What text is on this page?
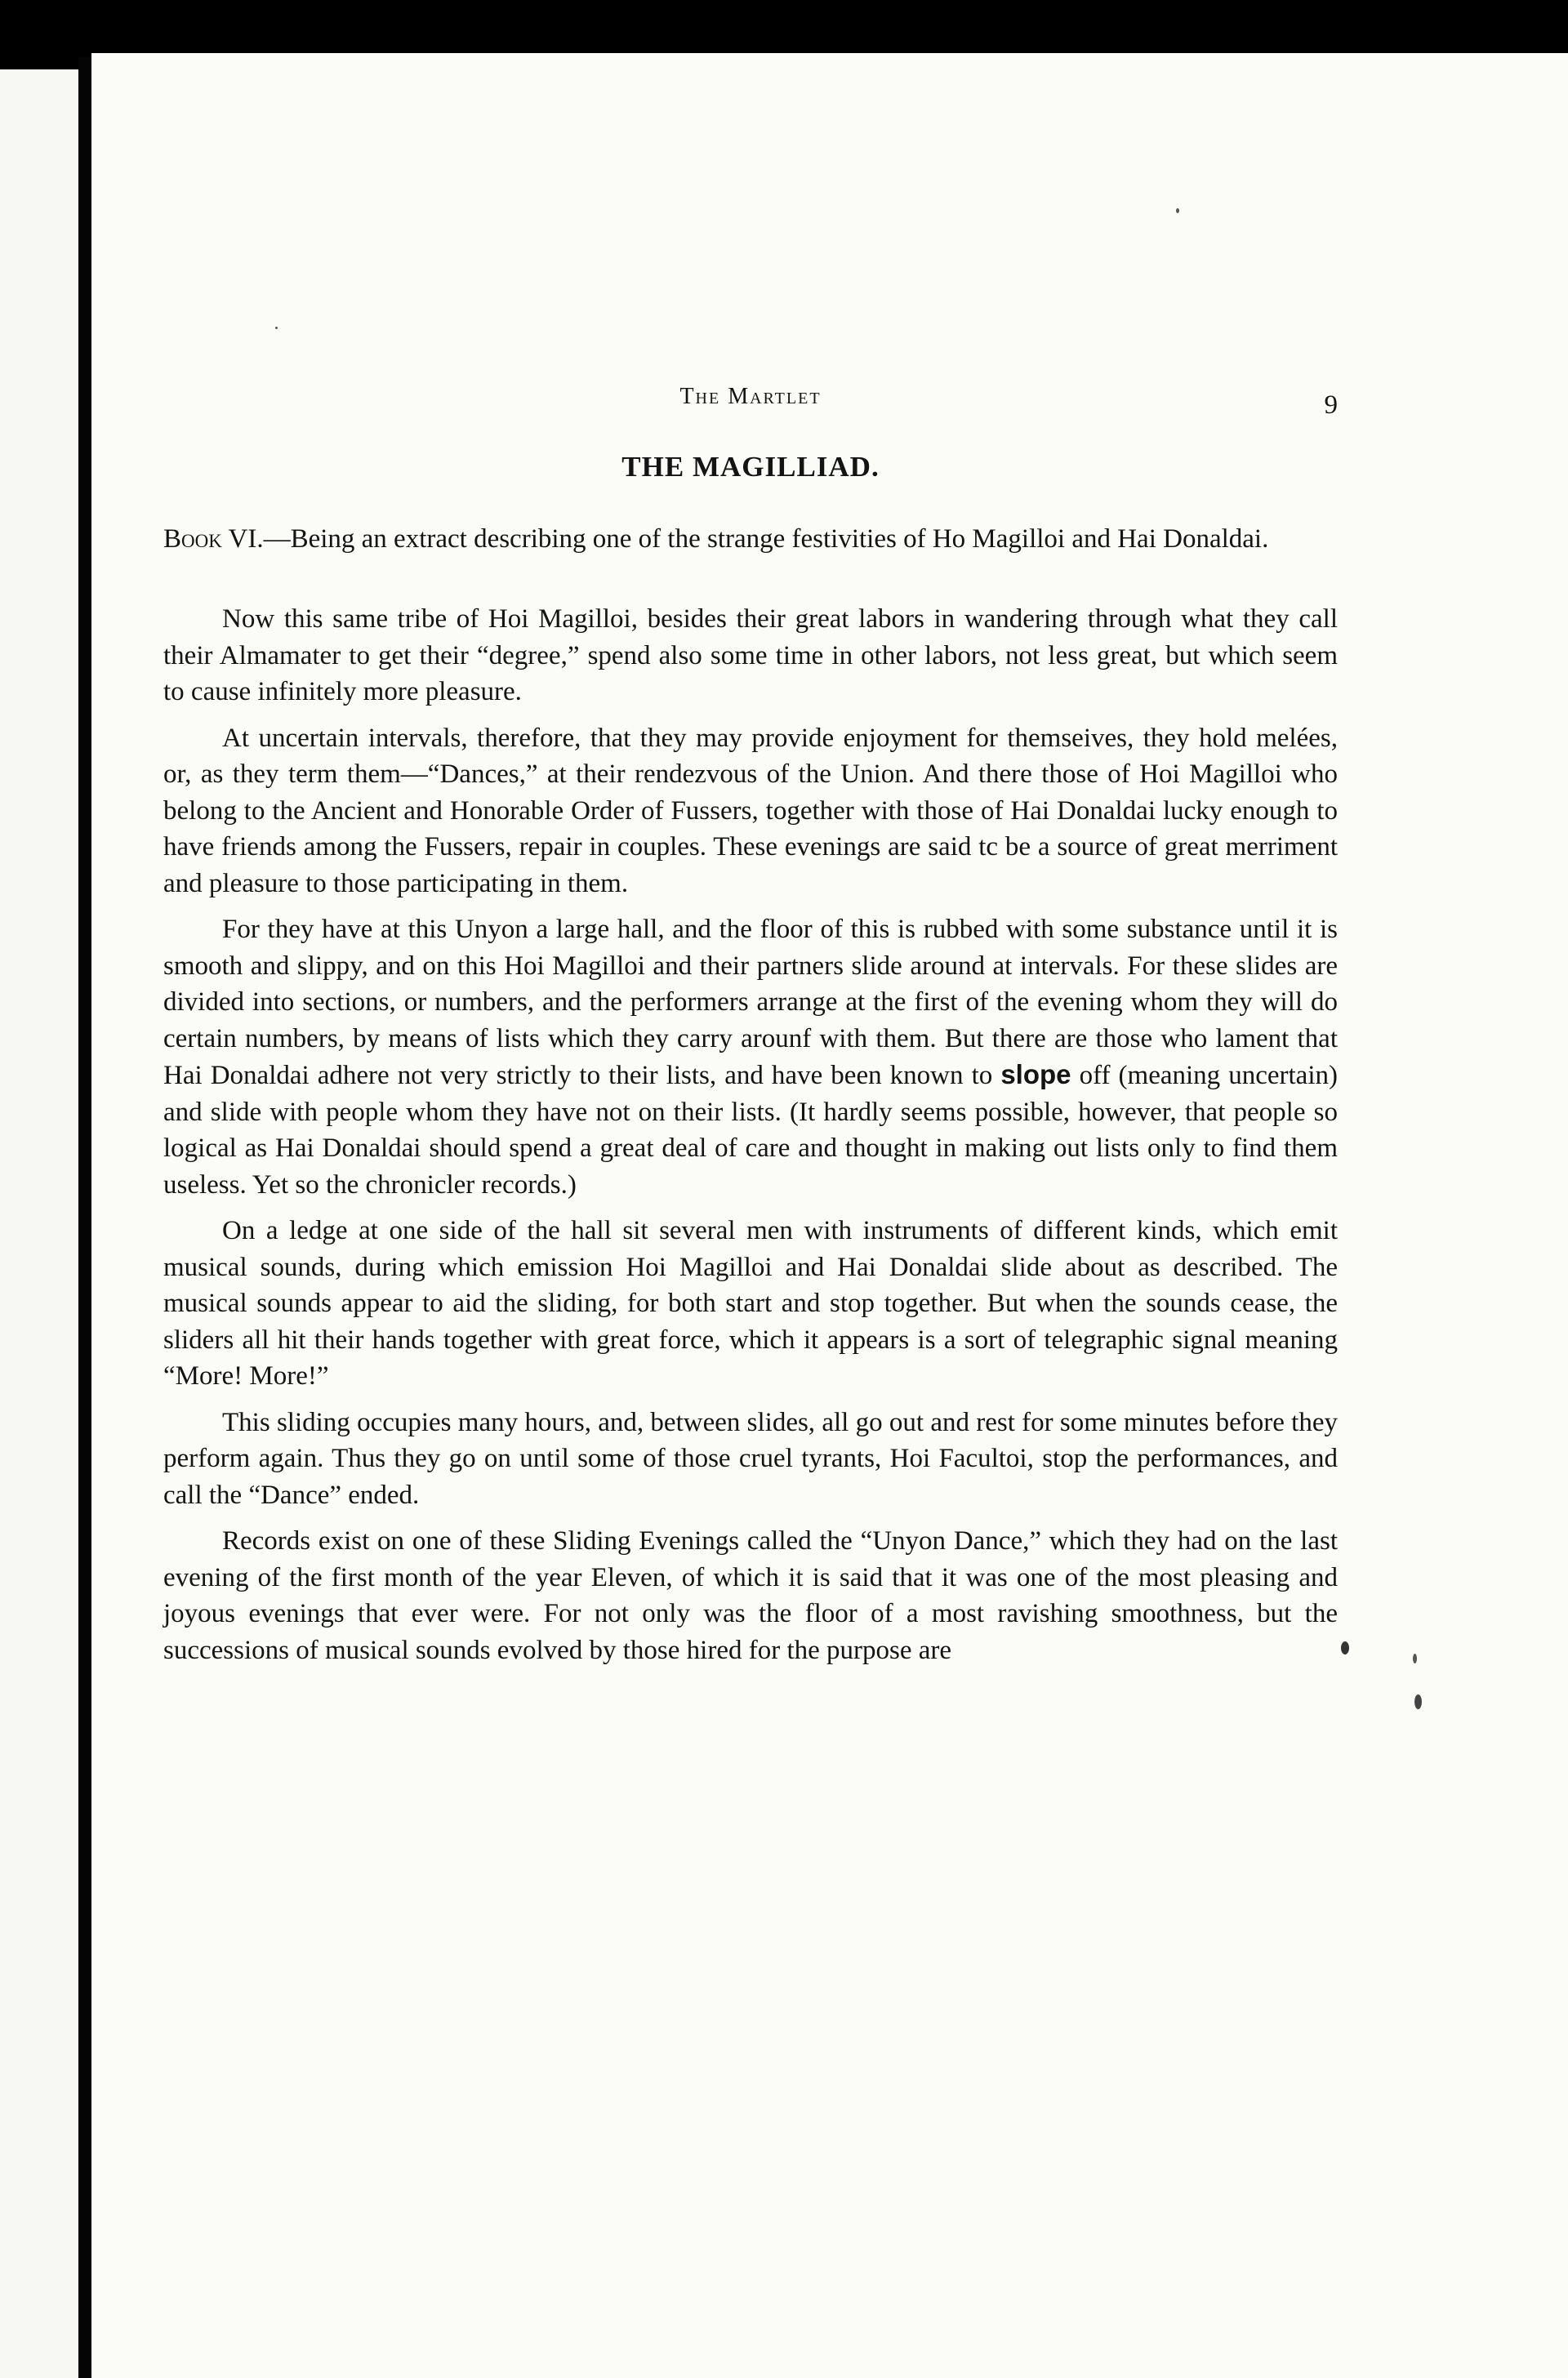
The Martlet	9
THE MAGILLIAD.

Book VI.—Being an extract describing one of the strange festivities of Ho Magilloi and Hai Donaldai.

Now this same tribe of Hoi Magilloi, besides their great labors in wandering through what they call their Almamater to get their “degree,” spend also some time in other labors, not less great, but which seem to cause infinitely more pleasure.

At uncertain intervals, therefore, that they may provide enjoyment for themseives, they hold melées, or, as they term them—“Dances,” at their rendezvous of the Union. And there those of Hoi Magilloi who belong to the Ancient and Honorable Order of Fussers, together with those of Hai Donaldai lucky enough to have friends among the Fussers, repair in couples. These evenings are said tc be a source of great merriment and pleasure to those participating in them.

For they have at this Unyon a large hall, and the floor of this is rubbed with some substance until it is smooth and slippy, and on this Hoi Magilloi and their partners slide around at intervals. For these slides are divided into sections, or numbers, and the performers arrange at the first of the evening whom they will do certain numbers, by means of lists which they carry arounf with them. But there are those who lament that Hai Donaldai adhere not very strictly to their lists, and have been known to slope off (meaning uncertain) and slide with people whom they have not on their lists. (It hardly seems possible, however, that people so logical as Hai Donaldai should spend a great deal of care and thought in making out lists only to find them useless. Yet so the chronicler records.)

On a ledge at one side of the hall sit several men with instruments of different kinds, which emit musical sounds, during which emission Hoi Magilloi and Hai Donaldai slide about as described. The musical sounds appear to aid the sliding, for both start and stop together. But when the sounds cease, the sliders all hit their hands together with great force, which it appears is a sort of telegraphic signal meaning “More! More!”

This sliding occupies many hours, and, between slides, all go out and rest for some minutes before they perform again. Thus they go on until some of those cruel tyrants, Hoi Facultoi, stop the performances, and call the “Dance” ended.

Records exist on one of these Sliding Evenings called the “Unyon Dance,” which they had on the last evening of the first month of the year Eleven, of which it is said that it was one of the most pleasing and joyous evenings that ever were. For not only was the floor of a most ravishing smoothness, but the successions of musical sounds evolved by those hired for the purpose are
